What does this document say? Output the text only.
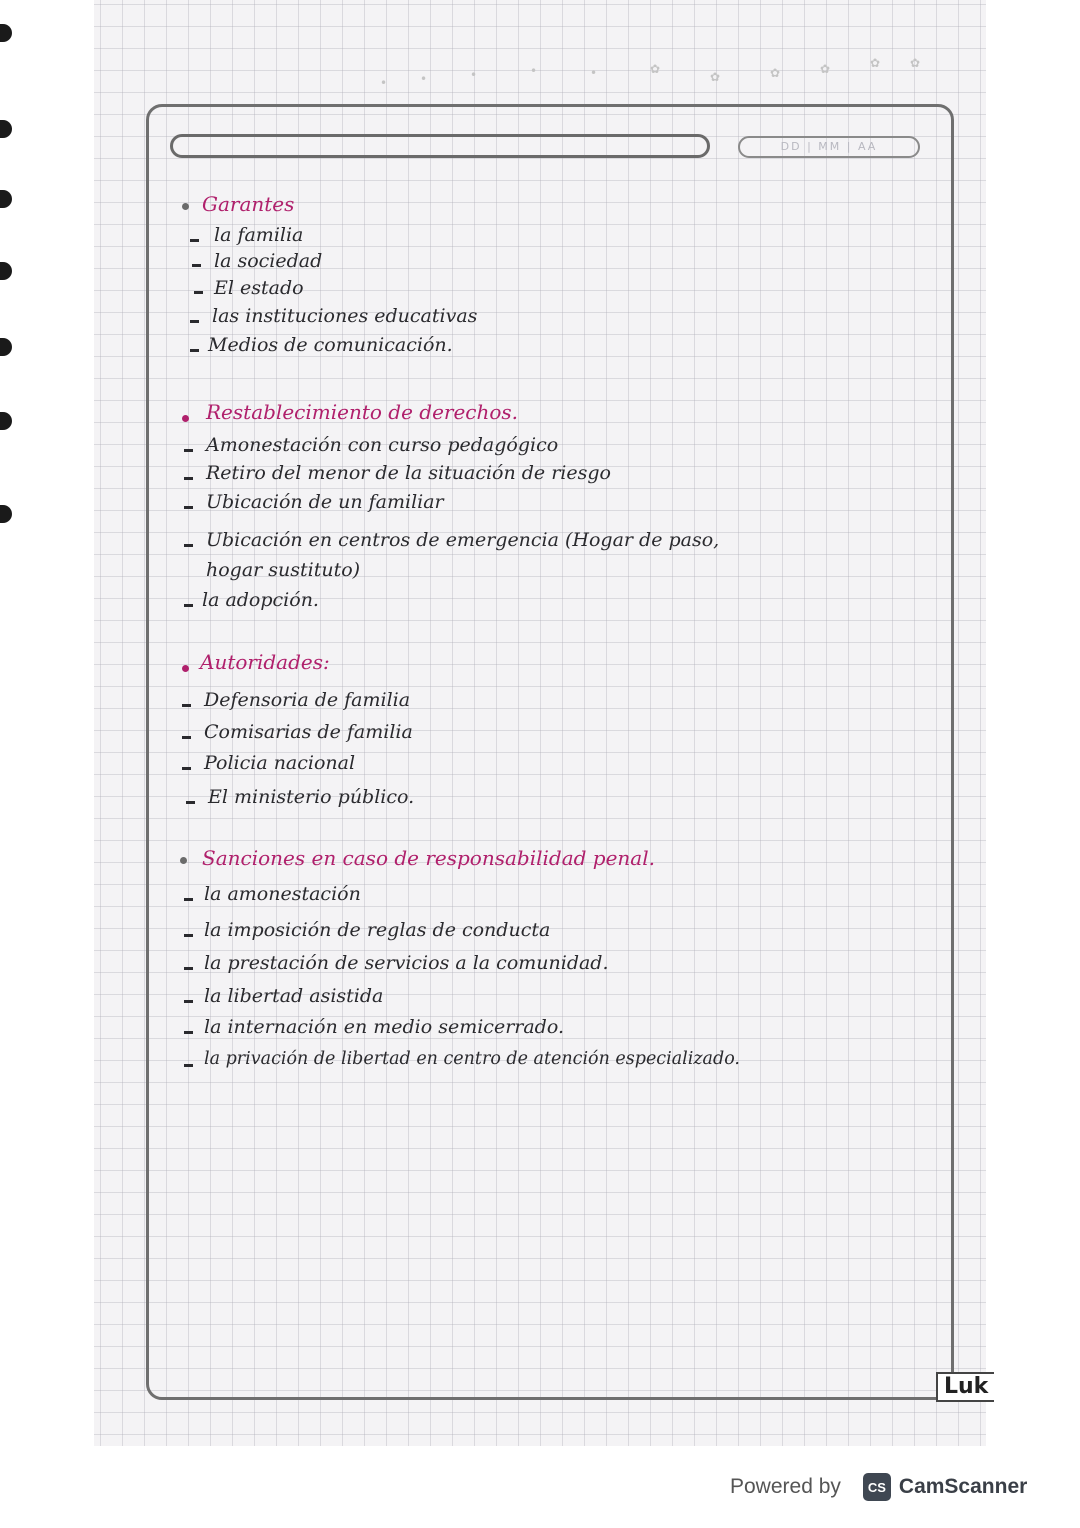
•	•	•	•	•	✿
✿	✿	✿	✿ ✿
DD | MM | AA
Garantes
la familia
la sociedad
El estado
las instituciones educativas
Medios de comunicación.
Restablecimiento de derechos.
Amonestación con curso pedagógico
Retiro del menor de la situación de riesgo
Ubicación de un familiar
Ubicación en centros de emergencia (Hogar de paso,
hogar sustituto)
la adopción.
Autoridades:
Defensoria de familia
Comisarias de familia
Policia nacional
El ministerio público.
Sanciones en caso de responsabilidad penal.
la amonestación
la imposición de reglas de conducta
la prestación de servicios a la comunidad.
la libertad asistida
la internación en medio semicerrado.
la privación de libertad en centro de atención especializado.
Luk
Powered by	CS CamScanner
